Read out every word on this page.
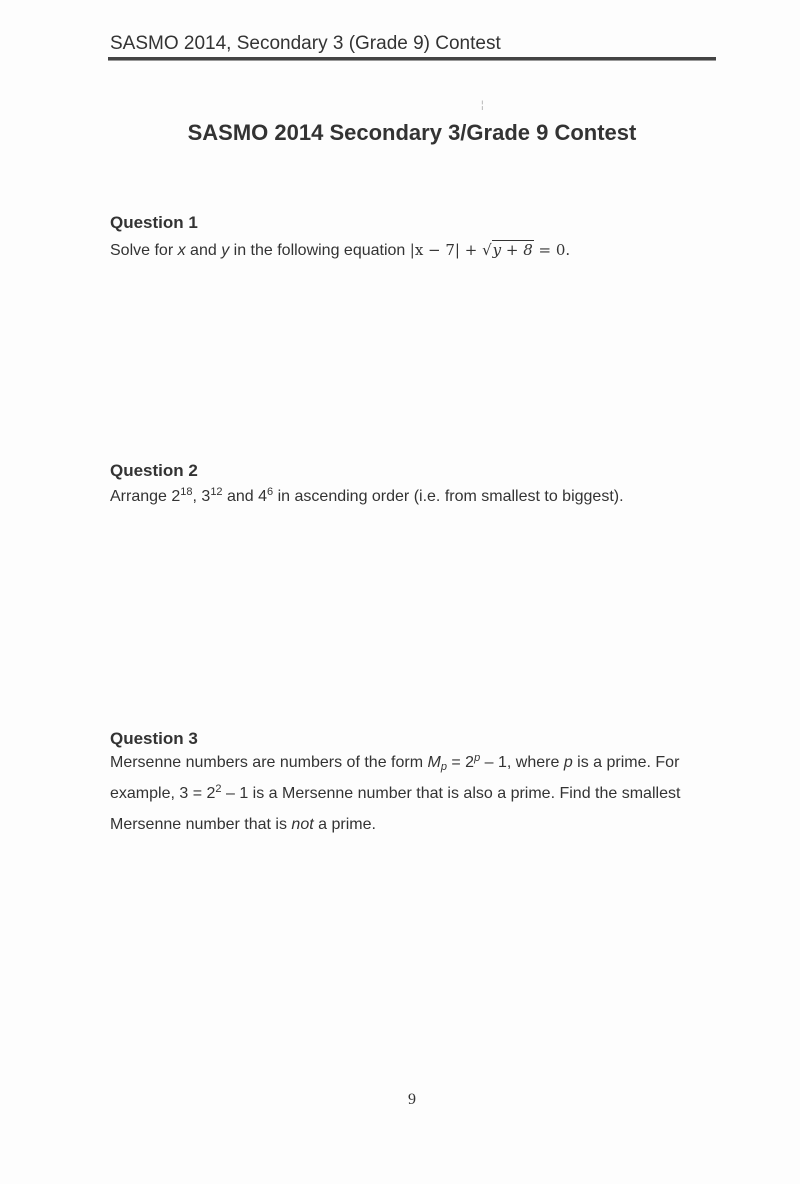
SASMO 2014, Secondary 3 (Grade 9) Contest
¦
SASMO 2014 Secondary 3/Grade 9 Contest
Question 1
Solve for x and y in the following equation |x − 7| + √y + 8 = 0.
Question 2
Arrange $2^{18}$, $3^{12}$ and $4^6$ in ascending order (i.e. from smallest to biggest).
Question 3
Mersenne numbers are numbers of the form $M_p = 2^p - 1$, where p is a prime. For example, $3 = 2^2 - 1$ is a Mersenne number that is also a prime. Find the smallest Mersenne number that is not a prime.
9
